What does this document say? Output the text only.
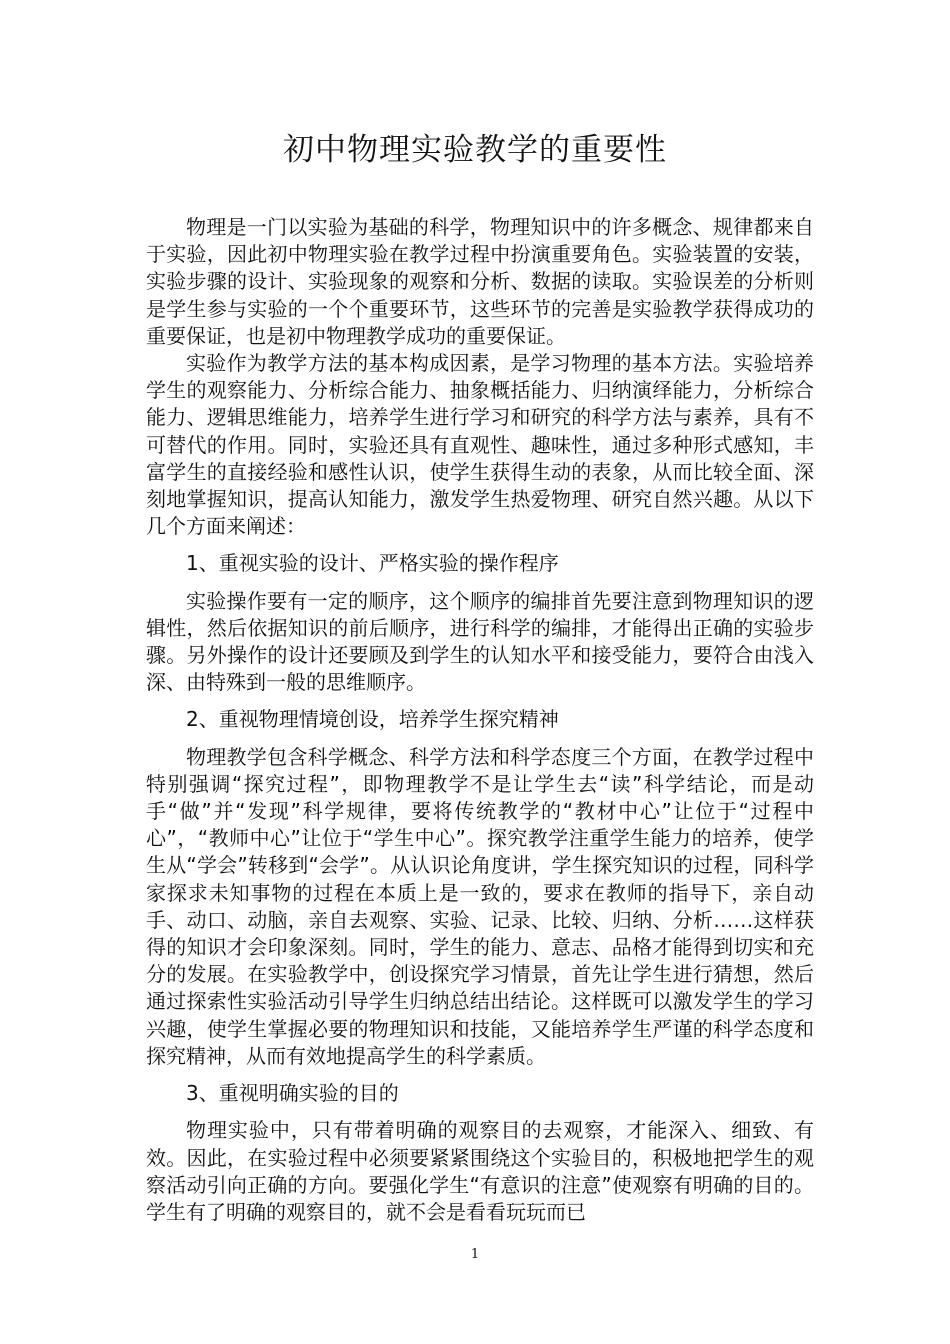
初中物理实验教学的重要性

物理是一门以实验为基础的科学，物理知识中的许多概念、规律都来自于实验，因此初中物理实验在教学过程中扮演重要角色。实验装置的安装，实验步骤的设计、实验现象的观察和分析、数据的读取。实验误差的分析则是学生参与实验的一个个重要环节，这些环节的完善是实验教学获得成功的重要保证，也是初中物理教学成功的重要保证。

实验作为教学方法的基本构成因素，是学习物理的基本方法。实验培养学生的观察能力、分析综合能力、抽象概括能力、归纳演绎能力，分析综合能力、逻辑思维能力，培养学生进行学习和研究的科学方法与素养，具有不可替代的作用。同时，实验还具有直观性、趣味性，通过多种形式感知，丰富学生的直接经验和感性认识，使学生获得生动的表象，从而比较全面、深刻地掌握知识，提高认知能力，激发学生热爱物理、研究自然兴趣。从以下几个方面来阐述：

1、重视实验的设计、严格实验的操作程序

实验操作要有一定的顺序，这个顺序的编排首先要注意到物理知识的逻辑性，然后依据知识的前后顺序，进行科学的编排，才能得出正确的实验步骤。另外操作的设计还要顾及到学生的认知水平和接受能力，要符合由浅入深、由特殊到一般的思维顺序。

2、重视物理情境创设，培养学生探究精神

物理教学包含科学概念、科学方法和科学态度三个方面，在教学过程中特别强调“探究过程”，即物理教学不是让学生去“读”科学结论，而是动手“做”并“发现”科学规律，要将传统教学的“教材中心”让位于“过程中心”，“教师中心”让位于“学生中心”。探究教学注重学生能力的培养，使学生从“学会”转移到“会学”。从认识论角度讲，学生探究知识的过程，同科学家探求未知事物的过程在本质上是一致的，要求在教师的指导下，亲自动手、动口、动脑，亲自去观察、实验、记录、比较、归纳、分析……这样获得的知识才会印象深刻。同时，学生的能力、意志、品格才能得到切实和充分的发展。在实验教学中，创设探究学习情景，首先让学生进行猜想，然后通过探索性实验活动引导学生归纳总结出结论。这样既可以激发学生的学习兴趣，使学生掌握必要的物理知识和技能，又能培养学生严谨的科学态度和探究精神，从而有效地提高学生的科学素质。

3、重视明确实验的目的

物理实验中，只有带着明确的观察目的去观察，才能深入、细致、有效。因此，在实验过程中必须要紧紧围绕这个实验目的，积极地把学生的观察活动引向正确的方向。要强化学生“有意识的注意”使观察有明确的目的。学生有了明确的观察目的，就不会是看看玩玩而已

1
